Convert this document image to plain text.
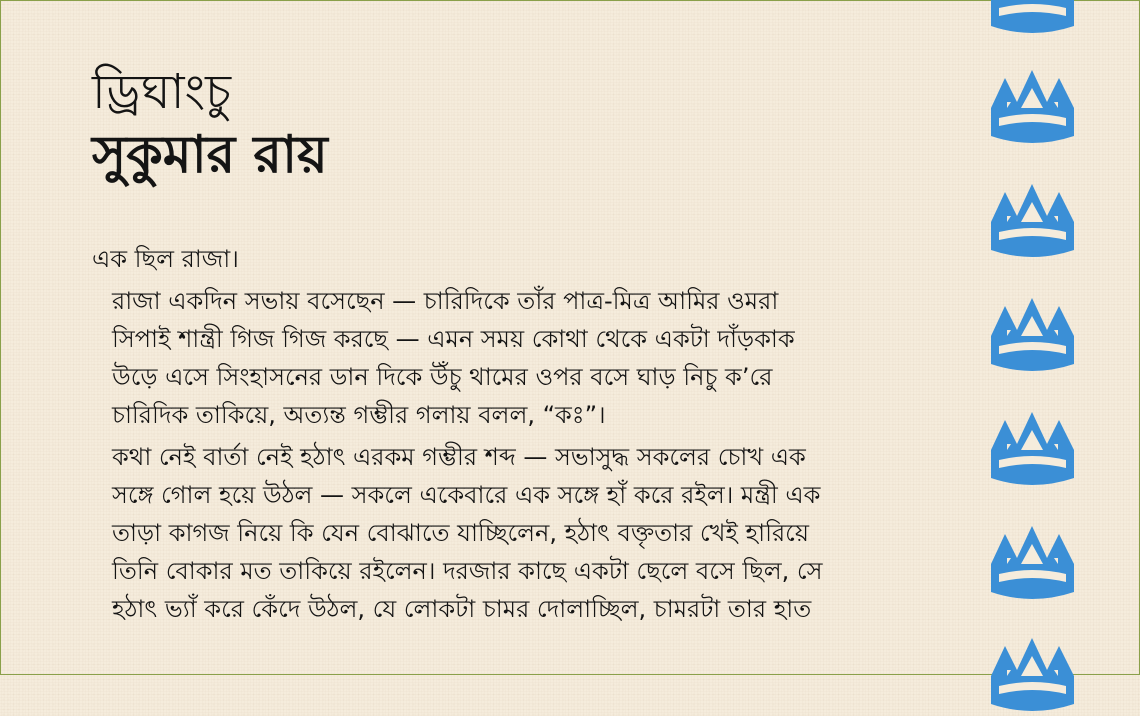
ড্রিঘাংচু
সুকুমার রায়

এক ছিল রাজা।

রাজা একদিন সভায় বসেছেন — চারিদিকে তাঁর পাত্র-মিত্র আমির ওমরা
সিপাই শান্ত্রী গিজ গিজ করছে — এমন সময় কোথা থেকে একটা দাঁড়কাক
উড়ে এসে সিংহাসনের ডান দিকে উঁচু থামের ওপর বসে ঘাড় নিচু ক’রে
চারিদিক তাকিয়ে, অত্যন্ত গম্ভীর গলায় বলল, “কঃ”।

কথা নেই বার্তা নেই হঠাৎ এরকম গম্ভীর শব্দ — সভাসুদ্ধ সকলের চোখ এক
সঙ্গে গোল হয়ে উঠল — সকলে একেবারে এক সঙ্গে হাঁ করে রইল। মন্ত্রী এক
তাড়া কাগজ নিয়ে কি যেন বোঝাতে যাচ্ছিলেন, হঠাৎ বক্তৃতার খেই হারিয়ে
তিনি বোকার মত তাকিয়ে রইলেন। দরজার কাছে একটা ছেলে বসে ছিল, সে
হঠাৎ ভ্যাঁ করে কেঁদে উঠল, যে লোকটা চামর দোলাচ্ছিল, চামরটা তার হাত
